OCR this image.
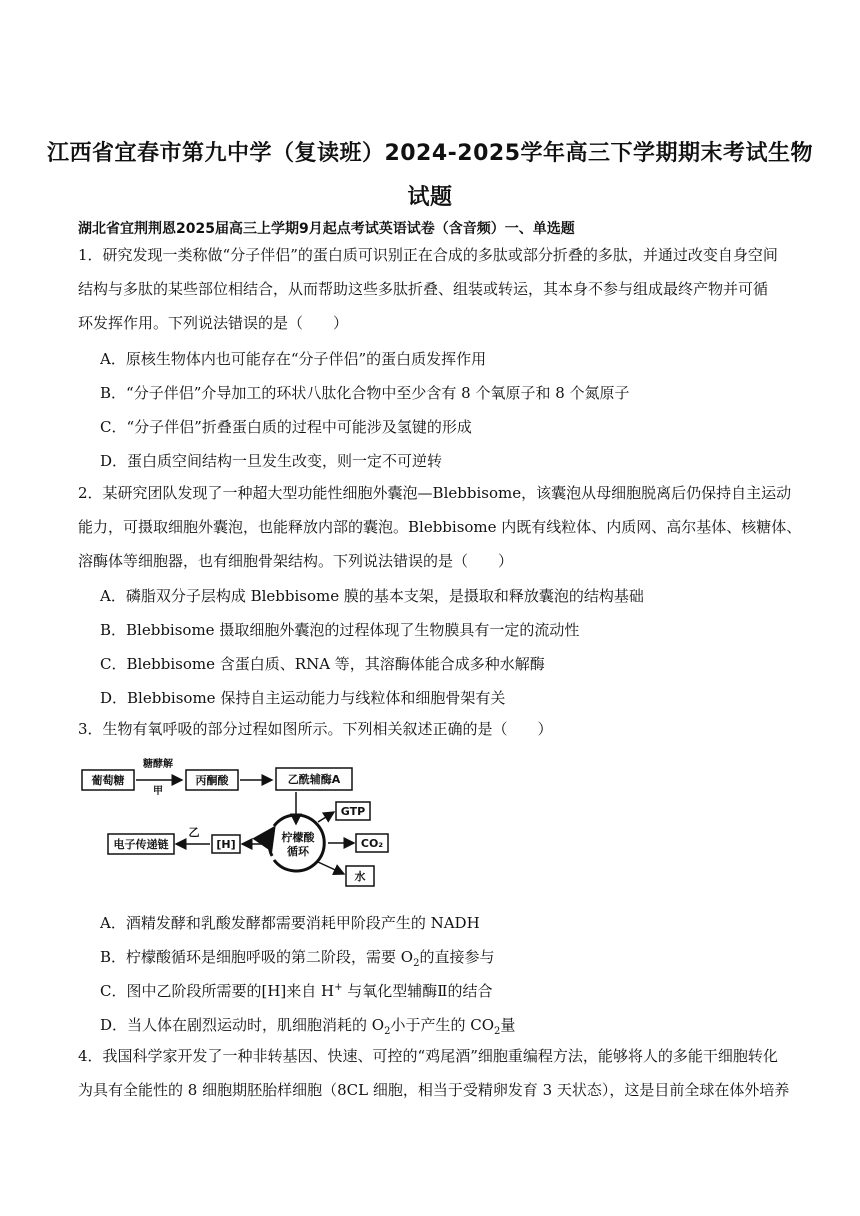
江西省宜春市第九中学（复读班）2024-2025学年高三下学期期末考试生物
试题
湖北省宜荆荆恩2025届高三上学期9月起点考试英语试卷（含音频）一、单选题
1．研究发现一类称做“分子伴侣”的蛋白质可识别正在合成的多肽或部分折叠的多肽，并通过改变自身空间
结构与多肽的某些部位相结合，从而帮助这些多肽折叠、组装或转运，其本身不参与组成最终产物并可循
环发挥作用。下列说法错误的是（　　）
A．原核生物体内也可能存在“分子伴侣”的蛋白质发挥作用
B．“分子伴侣”介导加工的环状八肽化合物中至少含有 8 个氧原子和 8 个氮原子
C．“分子伴侣”折叠蛋白质的过程中可能涉及氢键的形成
D．蛋白质空间结构一旦发生改变，则一定不可逆转
2．某研究团队发现了一种超大型功能性细胞外囊泡—Blebbisome，该囊泡从母细胞脱离后仍保持自主运动
能力，可摄取细胞外囊泡，也能释放内部的囊泡。Blebbisome 内既有线粒体、内质网、高尔基体、核糖体、
溶酶体等细胞器，也有细胞骨架结构。下列说法错误的是（　　）
A．磷脂双分子层构成 Blebbisome 膜的基本支架，是摄取和释放囊泡的结构基础
B．Blebbisome 摄取细胞外囊泡的过程体现了生物膜具有一定的流动性
C．Blebbisome 含蛋白质、RNA 等，其溶酶体能合成多种水解酶
D．Blebbisome 保持自主运动能力与线粒体和细胞骨架有关
3．生物有氧呼吸的部分过程如图所示。下列相关叙述正确的是（　　）
葡萄糖
糖酵解
甲
丙酮酸	乙酰辅酶A
柠檬酸
循环
GTP
CO₂
水
[H]
乙
电子传递链
A．酒精发酵和乳酸发酵都需要消耗甲阶段产生的 NADH
B．柠檬酸循环是细胞呼吸的第二阶段，需要 $O_2$的直接参与
C．图中乙阶段所需要的[H]来自 H+ 与氧化型辅酶Ⅱ的结合
D．当人体在剧烈运动时，肌细胞消耗的 $O_2$小于产生的 $CO_2$量
4．我国科学家开发了一种非转基因、快速、可控的“鸡尾酒”细胞重编程方法，能够将人的多能干细胞转化
为具有全能性的 8 细胞期胚胎样细胞（8CL 细胞，相当于受精卵发育 3 天状态），这是目前全球在体外培养
